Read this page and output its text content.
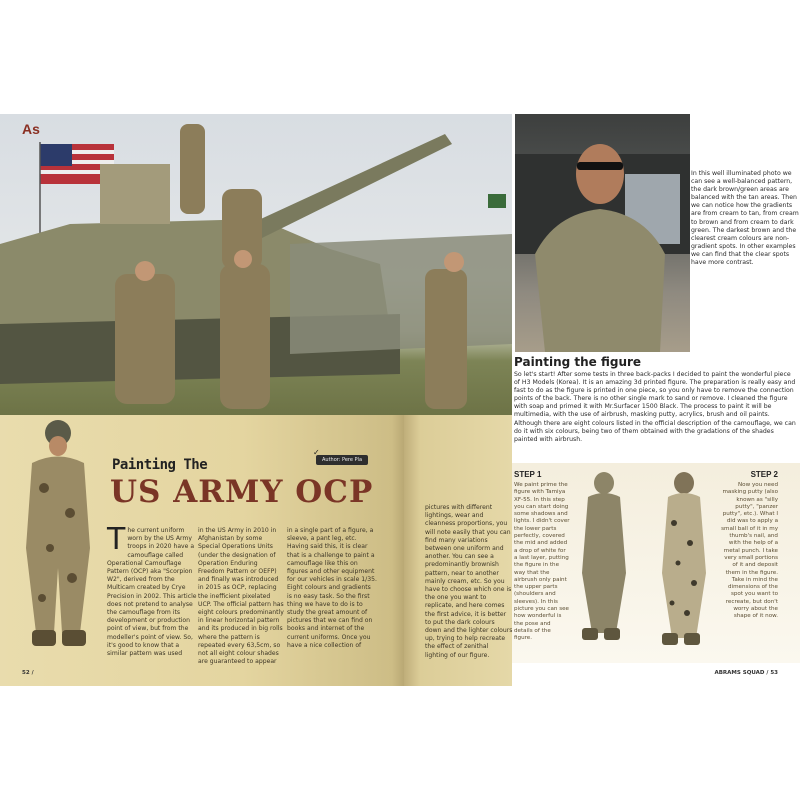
As
In this well illuminated photo we can see a well-balanced pattern, the dark brown/green areas are balanced with the tan areas. Then we can notice how the gradients are from cream to tan, from cream to brown and from cream to dark green. The darkest brown and the clearest cream colours are non-gradient spots. In other examples we can find that the clear spots have more contrast.
Painting the figure
So let's start! After some tests in three back-packs I decided to paint the wonderful piece of H3 Models (Korea). It is an amazing 3d printed figure. The preparation is really easy and fast to do as the figure is printed in one piece, so you only have to remove the connection points of the back. There is no other single mark to sand or remove. I cleaned the figure with soap and primed it with Mr.Surfacer 1500 Black. The process to paint it will be multimedia, with the use of airbrush, masking putty, acrylics, brush and oil paints. Although there are eight colours listed in the official description of the camouflage, we can do it with six colours, being two of them obtained with the gradations of the shades painted with airbrush.
Painting The
US ARMY OCP
Author: Pere Pla
✓
The current uniform worn by the US Army troops in 2020 have a camouflage called Operational Camouflage Pattern (OCP) aka "Scorpion W2", derived from the Multicam created by Crye Precision in 2002. This article does not pretend to analyse the camouflage from its development or production point of view, but from the modeller's point of view. So, it's good to know that a similar pattern was used
in the US Army in 2010 in Afghanistan by some Special Operations Units (under the designation of Operation Enduring Freedom Pattern or OEFP) and finally was introduced in 2015 as OCP, replacing the inefficient pixelated UCP. The official pattern has eight colours predominantly in linear horizontal pattern and its produced in big rolls where the pattern is repeated every 63,5cm, so not all eight colour shades are guaranteed to appear
in a single part of a figure, a sleeve, a pant leg, etc. Having said this, it is clear that is a challenge to paint a camouflage like this on figures and other equipment for our vehicles in scale 1/35. Eight colours and gradients is no easy task. So the first thing we have to do is to study the great amount of pictures that we can find on books and internet of the current uniforms. Once you have a nice collection of
pictures with different lightings, wear and cleanness proportions, you will note easily that you can find many variations between one uniform and another. You can see a predominantly brownish pattern, near to another mainly cream, etc. So you have to choose which one is the one you want to replicate, and here comes the first advice, it is better to put the dark colours down and the lighter colours up, trying to help recreate the effect of zenithal lighting of our figure.
STEP 1
We paint prime the figure with Tamiya XF-55. In this step you can start doing some shadows and lights. I didn't cover the lower parts perfectly, covered the mid and added a drop of white for a last layer, putting the figure in the way that the airbrush only paint the upper parts (shoulders and sleeves). In this picture you can see how wonderful is the pose and details of the figure.
STEP 2
Now you need masking putty (also known as "silly putty", "panzer putty", etc.). What I did was to apply a small ball of it in my thumb's nail, and with the help of a metal punch. I take very small portions of it and deposit them in the figure. Take in mind the dimensions of the spot you want to recreate, but don't worry about the shape of it now.
52 /	ABRAMS SQUAD / 53
